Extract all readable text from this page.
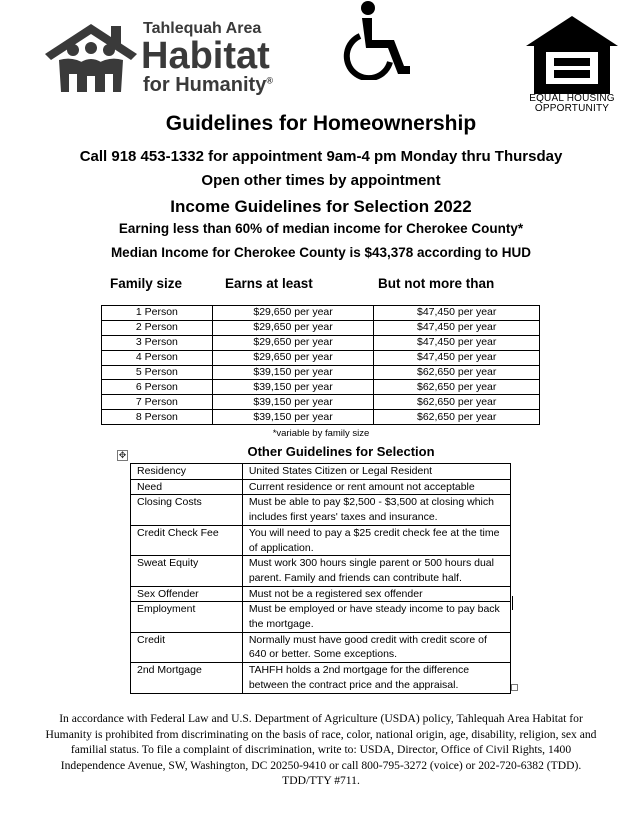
Tahlequah Area
Habitat
for Humanity®
EQUAL HOUSING
OPPORTUNITY
Guidelines for Homeownership
Call 918 453-1332 for appointment 9am-4 pm Monday thru Thursday
Open other times by appointment
Income Guidelines for Selection 2022
Earning less than 60% of median income for Cherokee County*
Median Income for Cherokee County is $43,378 according to HUD
Family size	Earns at least	But not more than
1 Person	$29,650 per year	$47,450 per year
2 Person	$29,650 per year	$47,450 per year
3 Person	$29,650 per year	$47,450 per year
4 Person	$29,650 per year	$47,450 per year
5 Person	$39,150 per year	$62,650 per year
6 Person	$39,150 per year	$62,650 per year
7 Person	$39,150 per year	$62,650 per year
8 Person	$39,150 per year	$62,650 per year
*variable by family size
✥	Other Guidelines for Selection
Residency	United States Citizen or Legal Resident
Need	Current residence or rent amount not acceptable
Closing Costs	Must be able to pay $2,500 - $3,500 at closing which includes first years' taxes and insurance.
Credit Check Fee	You will need to pay a $25 credit check fee at the time of application.
Sweat Equity	Must work 300 hours single parent or 500 hours dual parent. Family and friends can contribute half.
Sex Offender	Must not be a registered sex offender
Employment	Must be employed or have steady income to pay back the mortgage.
Credit	Normally must have good credit with credit score of 640 or better. Some exceptions.
2nd Mortgage	TAHFH holds a 2nd mortgage for the difference between the contract price and the appraisal.
In accordance with Federal Law and U.S. Department of Agriculture (USDA) policy, Tahlequah Area Habitat for Humanity is prohibited from discriminating on the basis of race, color, national origin, age, disability, religion, sex and familial status. To file a complaint of discrimination, write to: USDA, Director, Office of Civil Rights, 1400 Independence Avenue, SW, Washington, DC 20250-9410 or call 800-795-3272 (voice) or 202-720-6382 (TDD). TDD/TTY #711.
